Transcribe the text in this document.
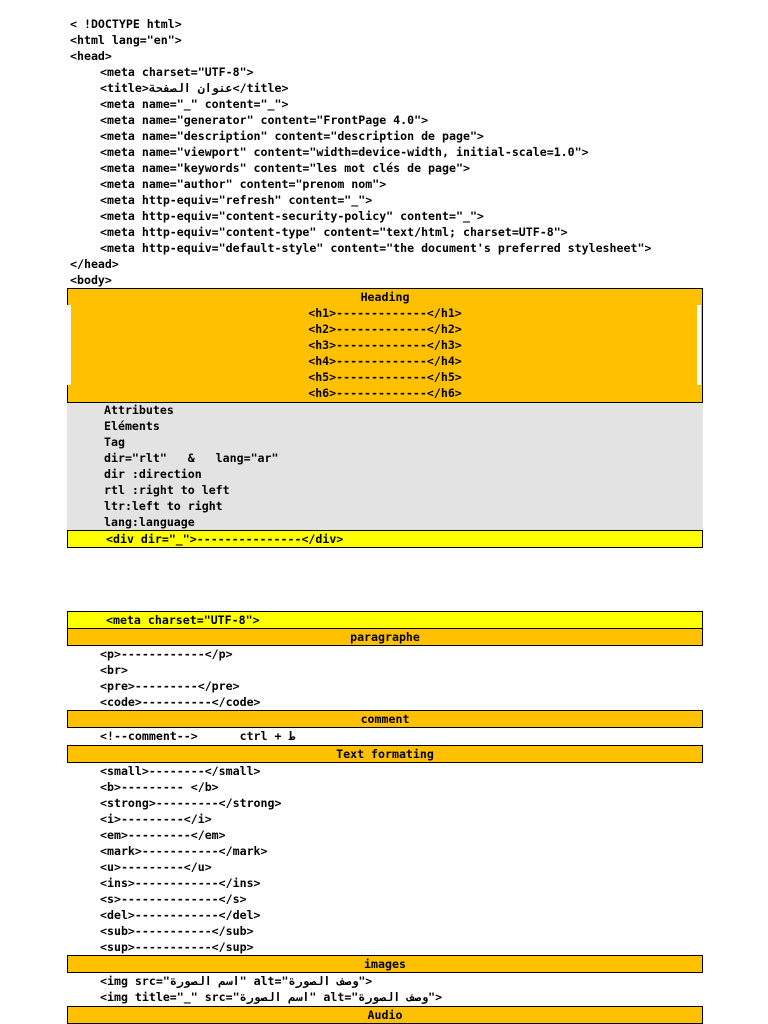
< !DOCTYPE html>
<html lang="en">
<head>
<meta charset="UTF-8">
<title>عنوان الصفحة</title>
<meta name="_" content="_">
<meta name="generator" content="FrontPage 4.0">
<meta name="description" content="description de page">
<meta name="viewport" content="width=device-width, initial-scale=1.0">
<meta name="keywords" content="les mot clés de page">
<meta name="author" content="prenom nom">
<meta http-equiv="refresh" content="_">
<meta http-equiv="content-security-policy" content="_">
<meta http-equiv="content-type" content="text/html; charset=UTF-8">
<meta http-equiv="default-style" content="the document's preferred stylesheet">
</head>
<body>
Heading
<h1>-------------</h1>
<h2>-------------</h2>
<h3>-------------</h3>
<h4>-------------</h4>
<h5>-------------</h5>
<h6>-------------</h6>
Attributes
Eléments
Tag
dir="rlt"   &   lang="ar"
dir :direction
rtl :right to left
ltr:left to right
lang:language
<div dir="_">---------------</div>
<meta charset="UTF-8">
paragraphe
<p>------------</p>
<br>
<pre>---------</pre>
<code>----------</code>
comment
<!--comment-->      ctrl + ط
Text formating
<small>--------</small>
<b>--------- </b>
<strong>---------</strong>
<i>---------</i>
<em>---------</em>
<mark>-----------</mark>
<u>---------</u>
<ins>------------</ins>
<s>--------------</s>
<del>------------</del>
<sub>-----------</sub>
<sup>-----------</sup>
images
<img src="اسم الصورة" alt="وصف الصورة">
<img title="_" src="اسم الصورة" alt="وصف الصورة">
Audio
